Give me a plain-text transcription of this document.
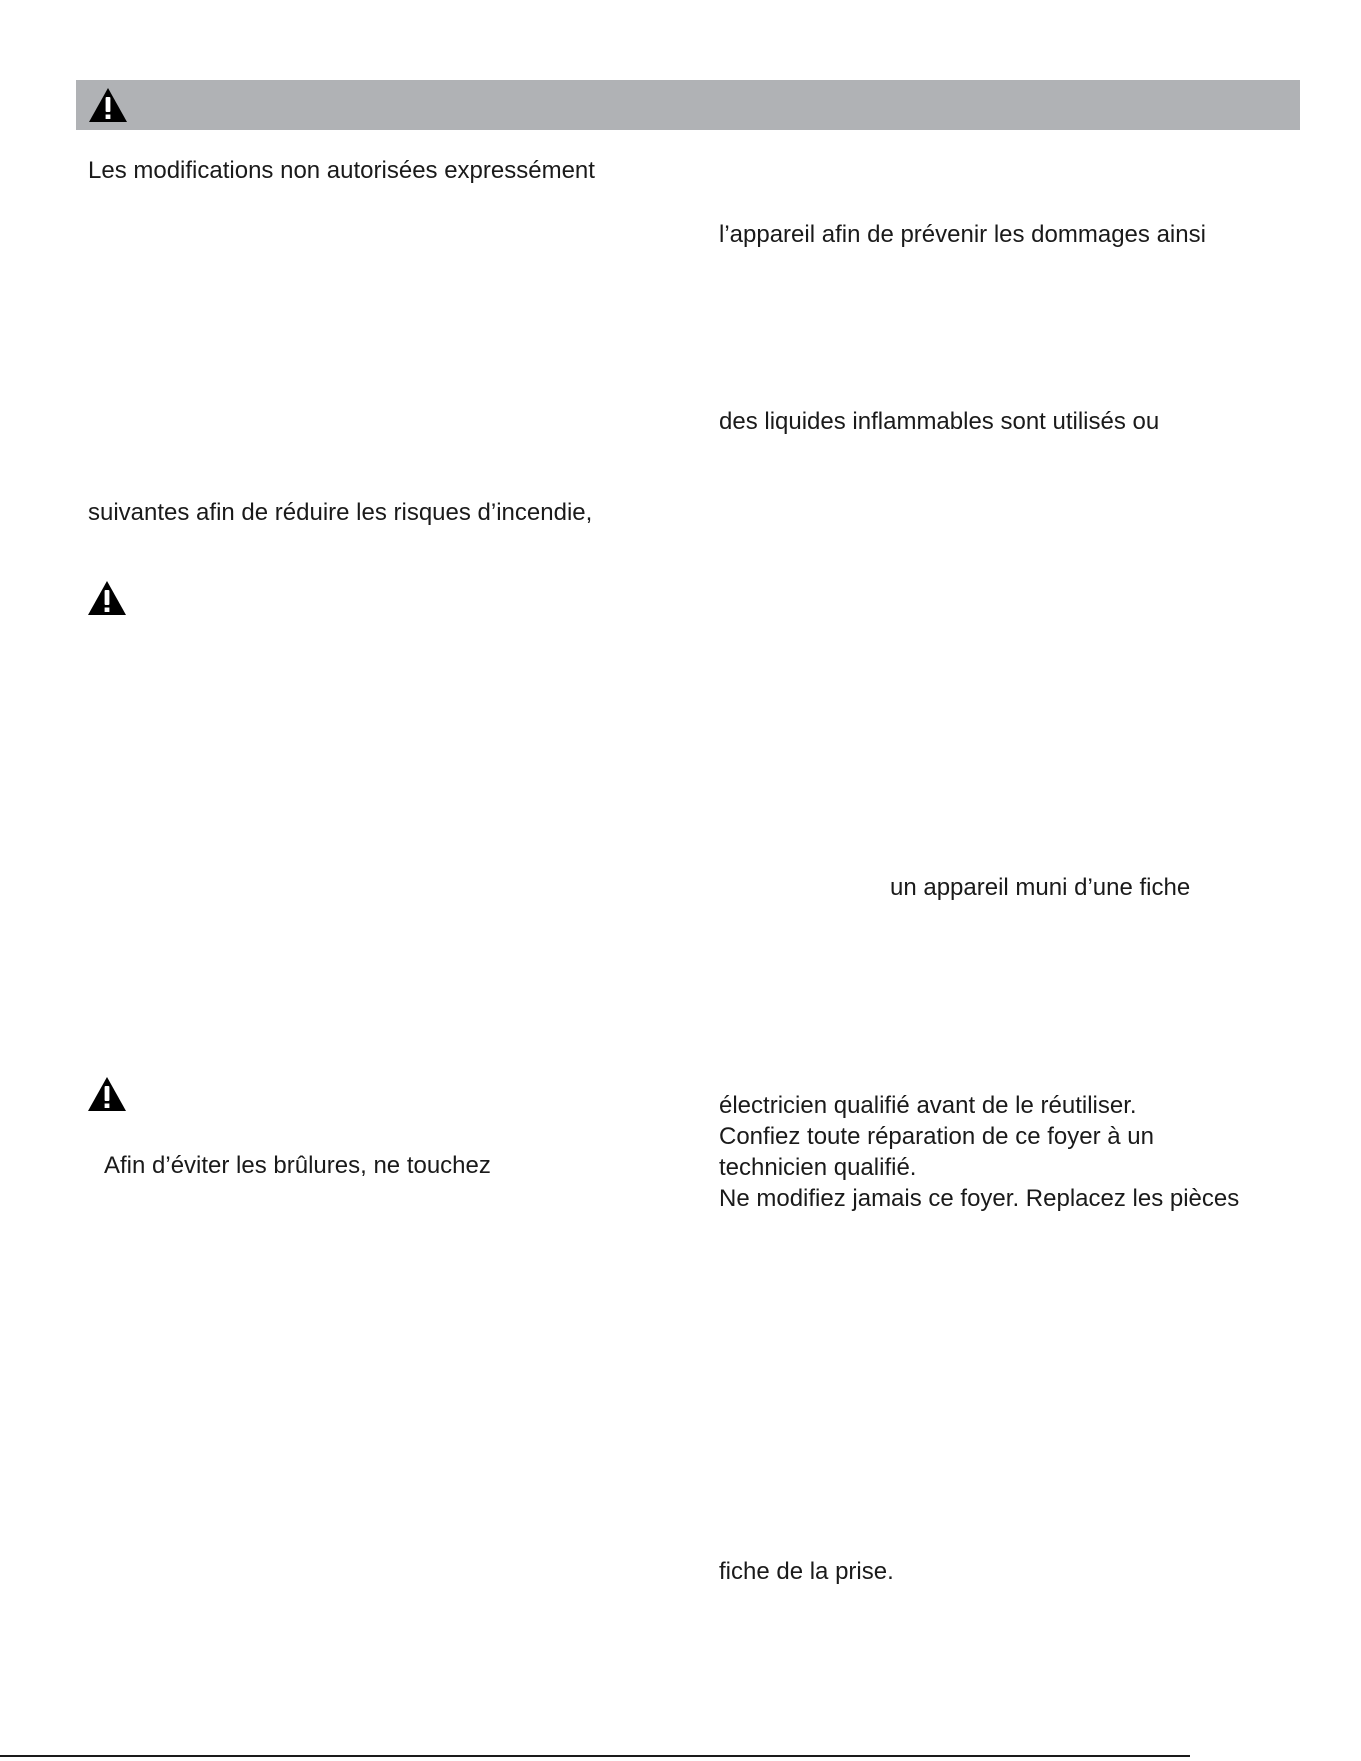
Les modifications non autorisées expressément
suivantes afin de réduire les risques d’incendie,
Afin d’éviter les brûlures, ne touchez
l’appareil afin de prévenir les dommages ainsi
des liquides inflammables sont utilisés ou
un appareil muni d’une fiche
électricien qualifié avant de le réutiliser.
Confiez toute réparation de ce foyer à un
technicien qualifié.
Ne modifiez jamais ce foyer. Replacez les pièces
fiche de la prise.
